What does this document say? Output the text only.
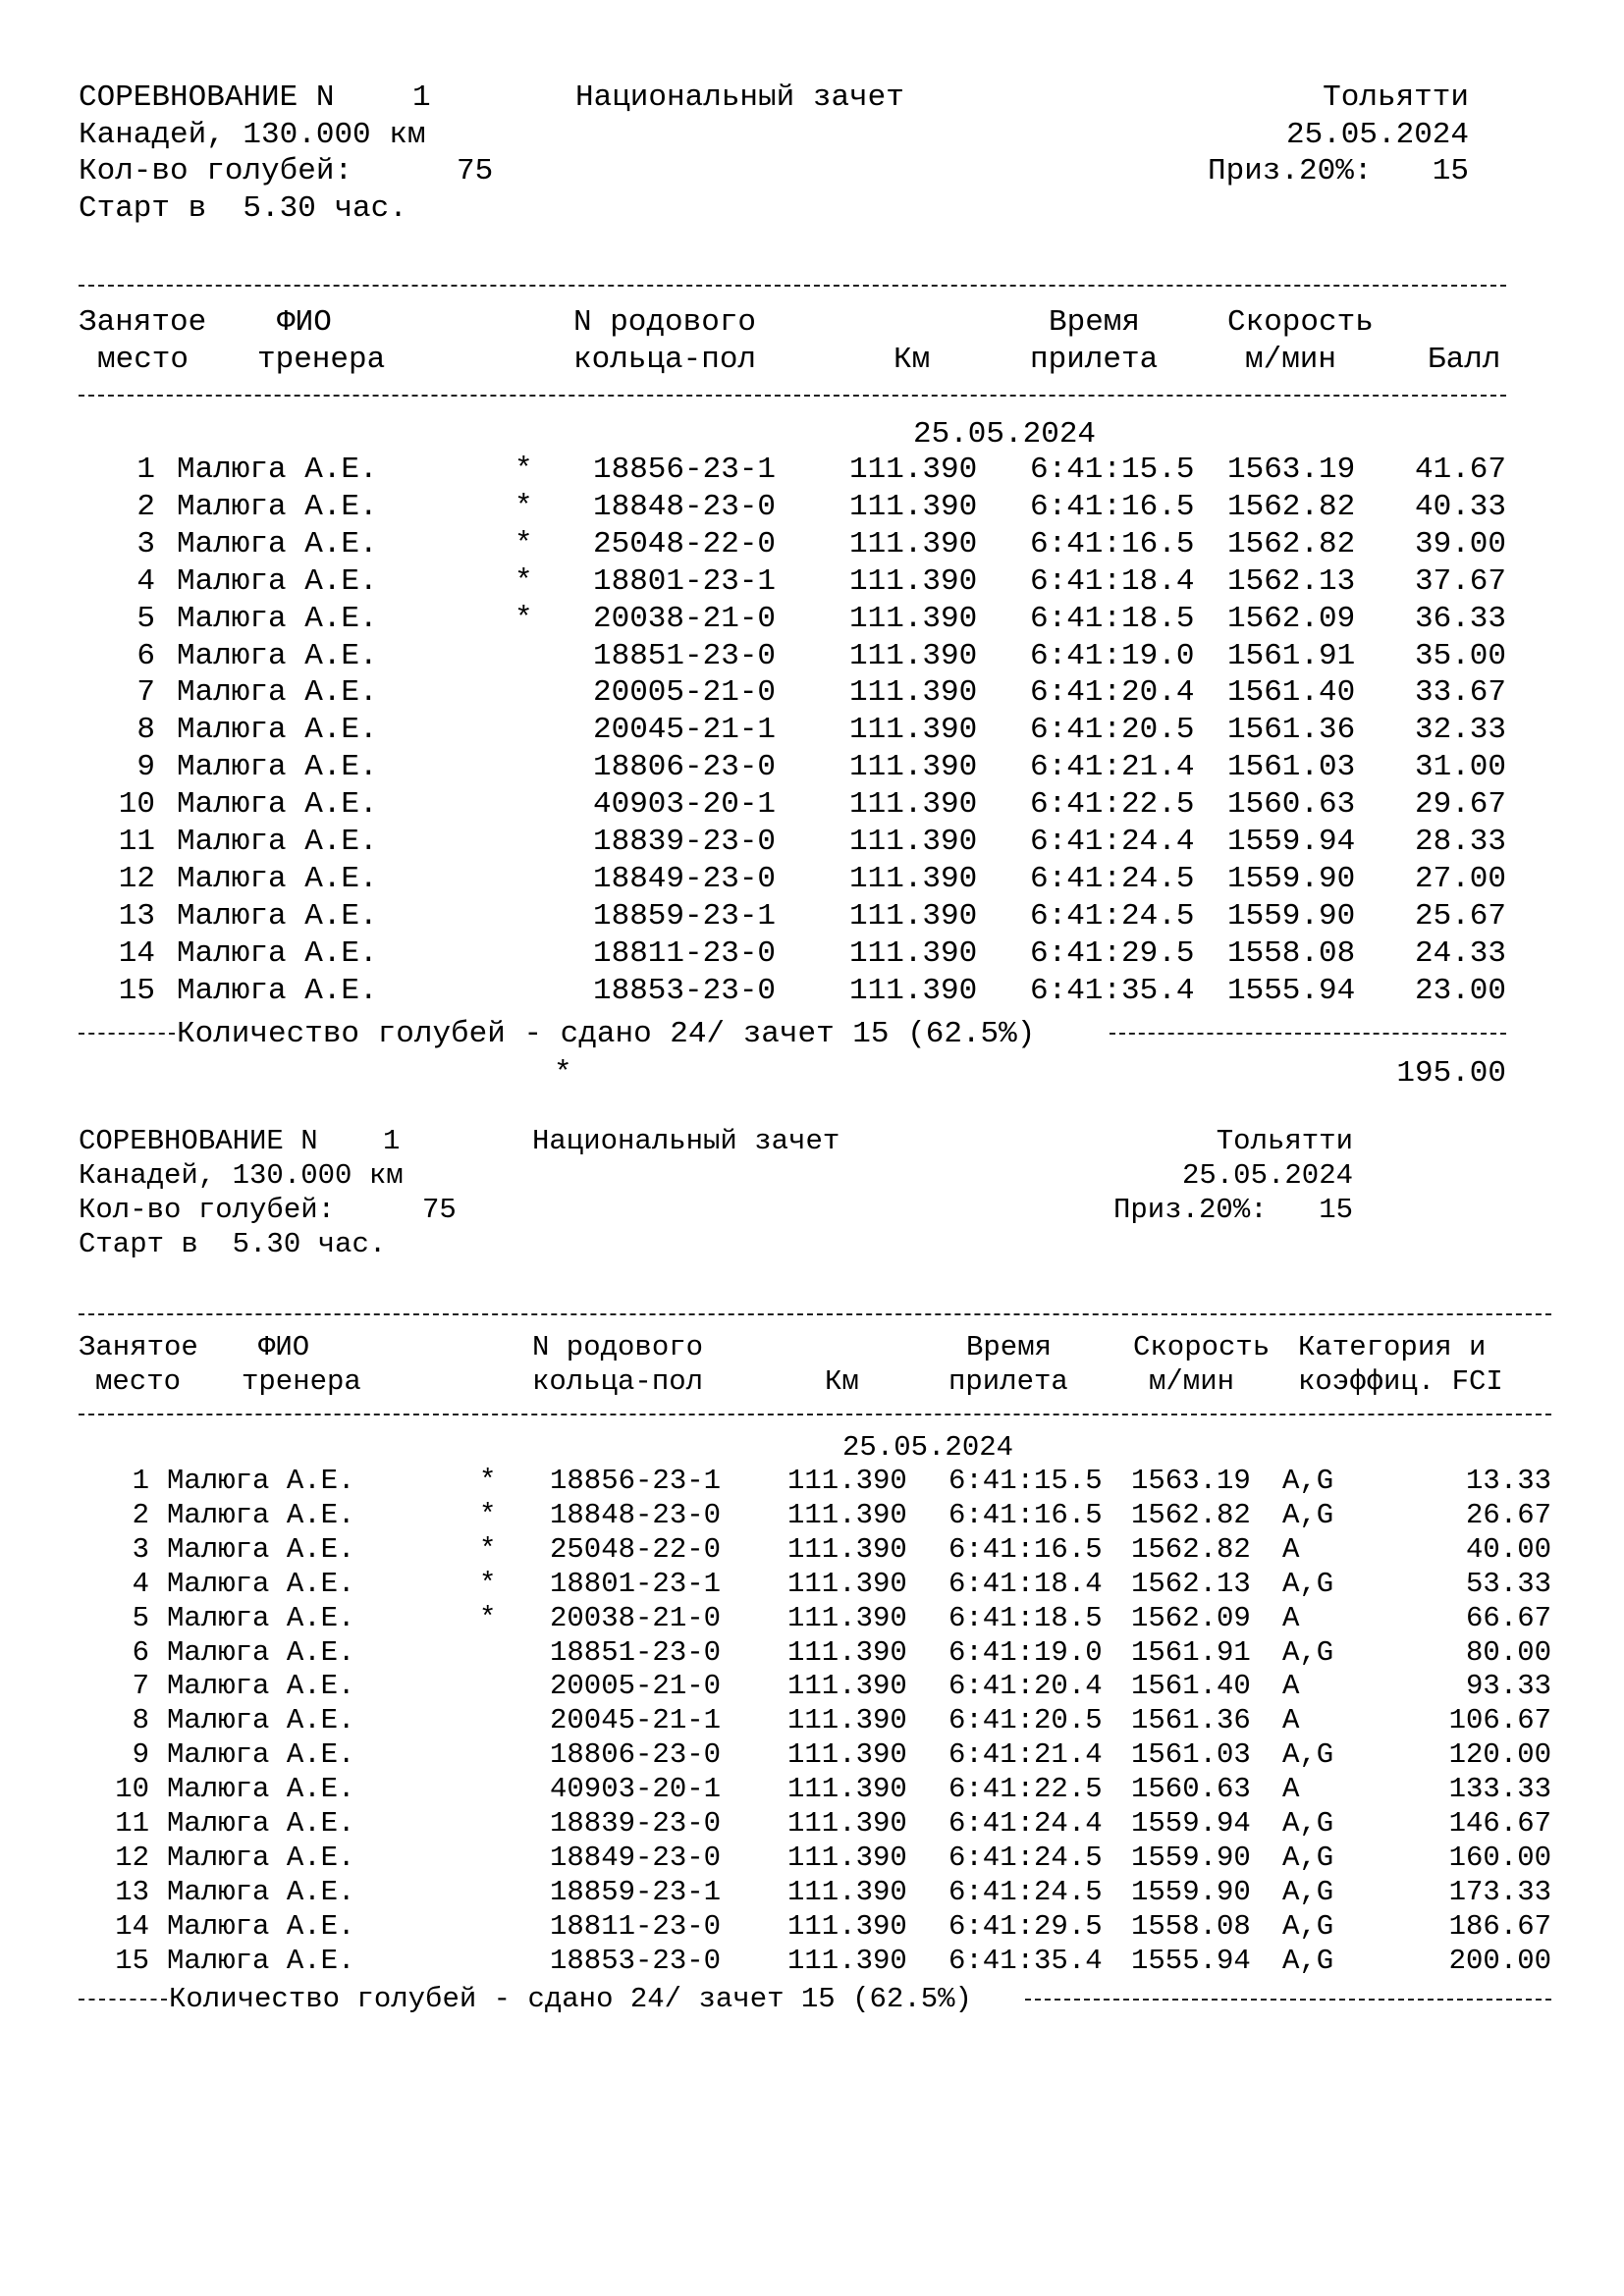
СОРЕВНОВАНИЕ N	1	Национальный зачет	Тольятти
Канадей, 130.000 км	25.05.2024
Кол-во голубей:	75	Приз.20%:	15
Старт в  5.30 час.
Занятое
место
ФИО
тренера
N родового
кольца-пол	Км
Время
прилета
Скорость
м/мин	Балл
25.05.2024
1 Малюга А.Е.	* 18856-23-1 111.390 6:41:15.5 1563.19	41.67
2 Малюга А.Е.	* 18848-23-0 111.390 6:41:16.5 1562.82	40.33
3 Малюга А.Е.	* 25048-22-0 111.390 6:41:16.5 1562.82	39.00
4 Малюга А.Е.	* 18801-23-1 111.390 6:41:18.4 1562.13	37.67
5 Малюга А.Е.	* 20038-21-0 111.390 6:41:18.5 1562.09	36.33
6 Малюга А.Е.	18851-23-0 111.390 6:41:19.0 1561.91	35.00
7 Малюга А.Е.	20005-21-0 111.390 6:41:20.4 1561.40	33.67
8 Малюга А.Е.	20045-21-1 111.390 6:41:20.5 1561.36	32.33
9 Малюга А.Е.	18806-23-0 111.390 6:41:21.4 1561.03	31.00
10 Малюга А.Е.	40903-20-1 111.390 6:41:22.5 1560.63	29.67
11 Малюга А.Е.	18839-23-0 111.390 6:41:24.4 1559.94	28.33
12 Малюга А.Е.	18849-23-0 111.390 6:41:24.5 1559.90	27.00
13 Малюга А.Е.	18859-23-1 111.390 6:41:24.5 1559.90	25.67
14 Малюга А.Е.	18811-23-0 111.390 6:41:29.5 1558.08	24.33
15 Малюга А.Е.	18853-23-0 111.390 6:41:35.4 1555.94	23.00
Количество голубей - сдано 24/ зачет 15 (62.5%)
*	195.00
СОРЕВНОВАНИЕ N 1	Национальный зачет	Тольятти
Канадей, 130.000 км	25.05.2024
Кол-во голубей:	75	Приз.20%:	15
Старт в  5.30 час.
Занятое
место
ФИО
тренера
N родового
кольца-пол	Км
Время
прилета
Скорость
м/мин
Категория и
коэффиц. FCI
25.05.2024
1 Малюга А.Е.	* 18856-23-1 111.390 6:41:15.5 1563.19 A,G	13.33
2 Малюга А.Е.	* 18848-23-0 111.390 6:41:16.5 1562.82 A,G	26.67
3 Малюга А.Е.	* 25048-22-0 111.390 6:41:16.5 1562.82 A	40.00
4 Малюга А.Е.	* 18801-23-1 111.390 6:41:18.4 1562.13 A,G	53.33
5 Малюга А.Е.	* 20038-21-0 111.390 6:41:18.5 1562.09 A	66.67
6 Малюга А.Е.	18851-23-0 111.390 6:41:19.0 1561.91 A,G	80.00
7 Малюга А.Е.	20005-21-0 111.390 6:41:20.4 1561.40 A	93.33
8 Малюга А.Е.	20045-21-1 111.390 6:41:20.5 1561.36 A	106.67
9 Малюга А.Е.	18806-23-0 111.390 6:41:21.4 1561.03 A,G	120.00
10 Малюга А.Е.	40903-20-1 111.390 6:41:22.5 1560.63 A	133.33
11 Малюга А.Е.	18839-23-0 111.390 6:41:24.4 1559.94 A,G	146.67
12 Малюга А.Е.	18849-23-0 111.390 6:41:24.5 1559.90 A,G	160.00
13 Малюга А.Е.	18859-23-1 111.390 6:41:24.5 1559.90 A,G	173.33
14 Малюга А.Е.	18811-23-0 111.390 6:41:29.5 1558.08 A,G	186.67
15 Малюга А.Е.	18853-23-0 111.390 6:41:35.4 1555.94 A,G	200.00
Количество голубей - сдано 24/ зачет 15 (62.5%)
